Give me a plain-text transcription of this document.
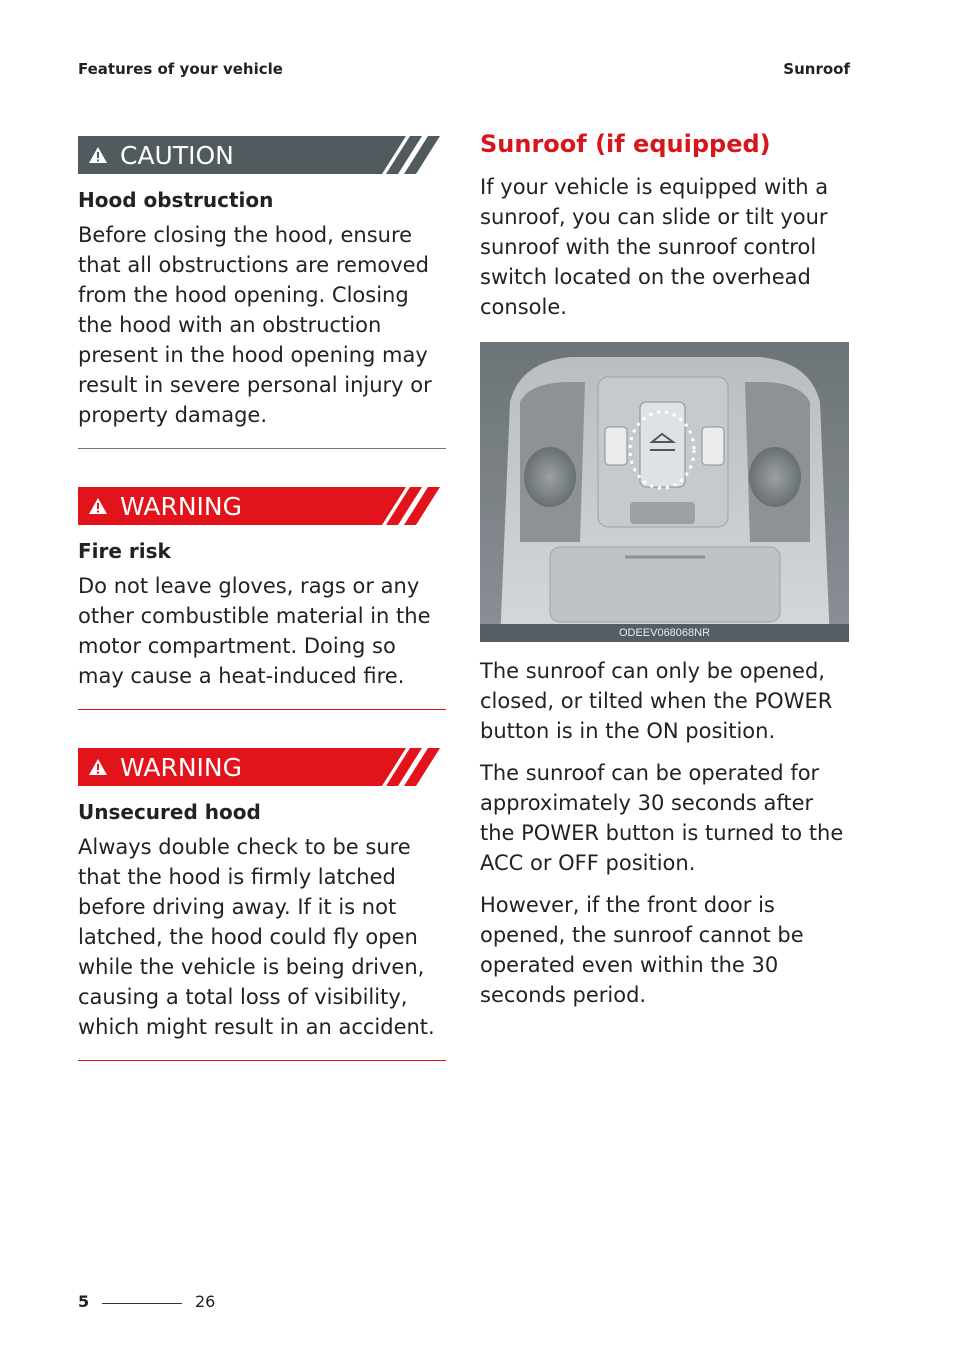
Features of your vehicle	Sunroof
CAUTION
Hood obstruction

Before closing the hood, ensure that all obstructions are removed from the hood opening. Closing the hood with an obstruction present in the hood opening may result in severe personal injury or property damage.

WARNING
Fire risk

Do not leave gloves, rags or any other combustible material in the motor compartment. Doing so may cause a heat-induced fire.

WARNING
Unsecured hood

Always double check to be sure that the hood is firmly latched before driving away. If it is not latched, the hood could fly open while the vehicle is being driven, causing a total loss of visibility, which might result in an accident.

Sunroof (if equipped)

If your vehicle is equipped with a sunroof, you can slide or tilt your sunroof with the sunroof control switch located on the overhead console.

ODEEV068068NR

The sunroof can only be opened, closed, or tilted when the POWER button is in the ON position.

The sunroof can be operated for approximately 30 seconds after the POWER button is turned to the ACC or OFF position.

However, if the front door is opened, the sunroof cannot be operated even within the 30 seconds period.

5	26
